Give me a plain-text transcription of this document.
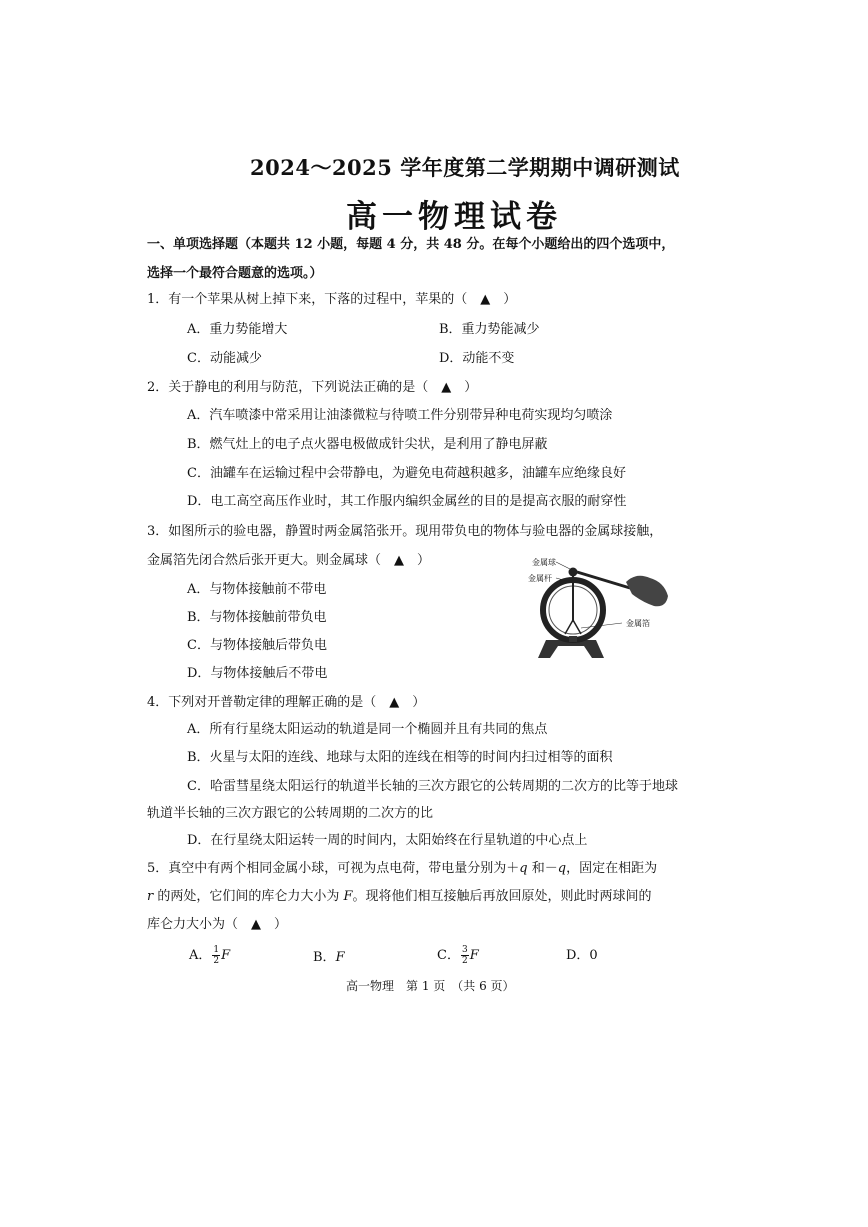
2024～2025 学年度第二学期期中调研测试
高一物理试卷
一、单项选择题（本题共 12 小题，每题 4 分，共 48 分。在每个小题给出的四个选项中，
选择一个最符合题意的选项。）
1．有一个苹果从树上掉下来，下落的过程中，苹果的（　▲　）
A．重力势能增大	B．重力势能减少
C．动能减少	D．动能不变
2．关于静电的利用与防范，下列说法正确的是（　▲　）
A．汽车喷漆中常采用让油漆微粒与待喷工件分别带异种电荷实现均匀喷涂
B．燃气灶上的电子点火器电极做成针尖状，是利用了静电屏蔽
C．油罐车在运输过程中会带静电，为避免电荷越积越多，油罐车应绝缘良好
D．电工高空高压作业时，其工作服内编织金属丝的目的是提高衣服的耐穿性
3．如图所示的验电器，静置时两金属箔张开。现用带负电的物体与验电器的金属球接触，
金属箔先闭合然后张开更大。则金属球（　▲　）
A．与物体接触前不带电
B．与物体接触前带负电
C．与物体接触后带负电
D．与物体接触后不带电
金属球
金属杆
金属箔
4．下列对开普勒定律的理解正确的是（　▲　）
A．所有行星绕太阳运动的轨道是同一个椭圆并且有共同的焦点
B．火星与太阳的连线、地球与太阳的连线在相等的时间内扫过相等的面积
C．哈雷彗星绕太阳运行的轨道半长轴的三次方跟它的公转周期的二次方的比等于地球
轨道半长轴的三次方跟它的公转周期的二次方的比
D．在行星绕太阳运转一周的时间内，太阳始终在行星轨道的中心点上
5．真空中有两个相同金属小球，可视为点电荷，带电量分别为＋q 和－q，固定在相距为
r 的两处，它们间的库仑力大小为 F。现将他们相互接触后再放回原处，则此时两球间的
库仑力大小为（　▲　）
A． $\frac{1}{2}$ F	B．F	C． $\frac{3}{2}$ F	D．0
高一物理　第 1 页　（共 6 页）
